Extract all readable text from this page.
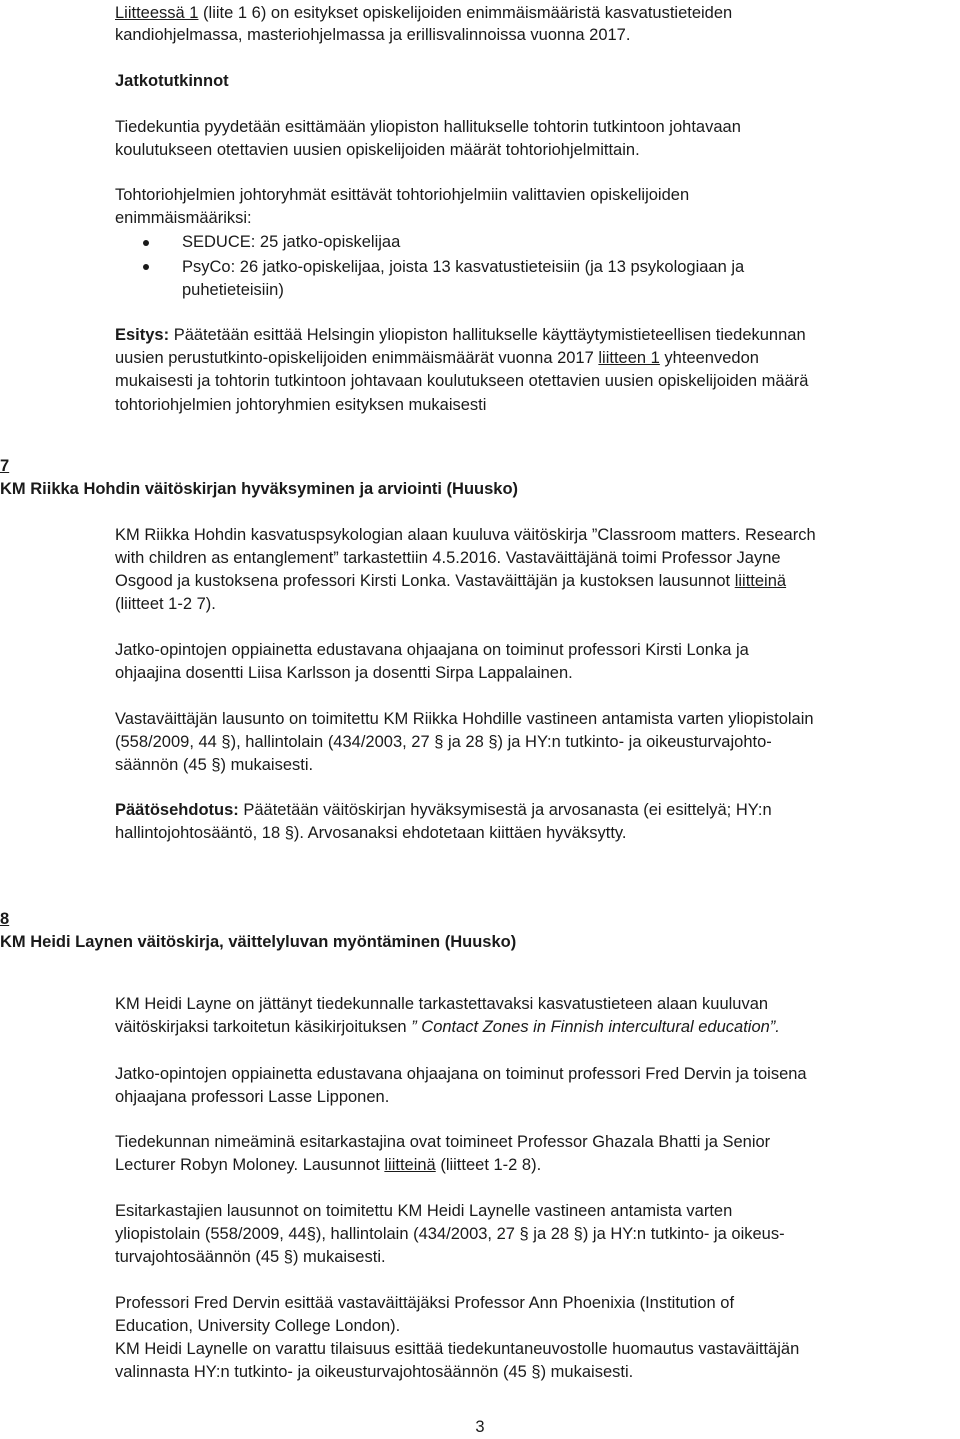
Liitteessä 1 (liite 1 6) on esitykset opiskelijoiden enimmäismääristä kasvatustieteiden
kandiohjelmassa, masteriohjelmassa ja erillisvalinnoissa vuonna 2017.
Jatkotutkinnot
Tiedekuntia pyydetään esittämään yliopiston hallitukselle tohtorin tutkintoon johtavaan
koulutukseen otettavien uusien opiskelijoiden määrät tohtoriohjelmittain.
Tohtoriohjelmien johtoryhmät esittävät tohtoriohjelmiin valittavien opiskelijoiden
enimmäismääriksi:
SEDUCE: 25 jatko-opiskelijaa
PsyCo: 26 jatko-opiskelijaa, joista 13 kasvatustieteisiin (ja 13 psykologiaan ja
puhetieteisiin)
Esitys: Päätetään esittää Helsingin yliopiston hallitukselle käyttäytymistieteellisen tiedekunnan
uusien perustutkinto-opiskelijoiden enimmäismäärät vuonna 2017 liitteen 1 yhteenvedon
mukaisesti ja tohtorin tutkintoon johtavaan koulutukseen otettavien uusien opiskelijoiden määrä
tohtoriohjelmien johtoryhmien esityksen mukaisesti
7
KM Riikka Hohdin väitöskirjan hyväksyminen ja arviointi (Huusko)
KM Riikka Hohdin kasvatuspsykologian alaan kuuluva väitöskirja ”Classroom matters. Research
with children as entanglement” tarkastettiin 4.5.2016. Vastaväittäjänä toimi Professor Jayne
Osgood ja kustoksena professori Kirsti Lonka. Vastaväittäjän ja kustoksen lausunnot liitteinä
(liitteet 1-2 7).
Jatko-opintojen oppiainetta edustavana ohjaajana on toiminut professori Kirsti Lonka ja
ohjaajina dosentti Liisa Karlsson ja dosentti Sirpa Lappalainen.
Vastaväittäjän lausunto on toimitettu KM Riikka Hohdille vastineen antamista varten yliopistolain
(558/2009, 44 §), hallintolain (434/2003, 27 § ja 28 §) ja HY:n tutkinto- ja oikeusturvajohto-
säännön (45 §) mukaisesti.
Päätösehdotus: Päätetään väitöskirjan hyväksymisestä ja arvosanasta (ei esittelyä; HY:n
hallintojohtosääntö, 18 §). Arvosanaksi ehdotetaan kiittäen hyväksytty.
8
KM Heidi Laynen väitöskirja, väittelyluvan myöntäminen (Huusko)
KM Heidi Layne on jättänyt tiedekunnalle tarkastettavaksi kasvatustieteen alaan kuuluvan
väitöskirjaksi tarkoitetun käsikirjoituksen ” Contact Zones in Finnish intercultural education”.
Jatko-opintojen oppiainetta edustavana ohjaajana on toiminut professori Fred Dervin ja toisena
ohjaajana professori Lasse Lipponen.
Tiedekunnan nimeäminä esitarkastajina ovat toimineet Professor Ghazala Bhatti ja Senior
Lecturer Robyn Moloney. Lausunnot liitteinä (liitteet 1-2 8).
Esitarkastajien lausunnot on toimitettu KM Heidi Laynelle vastineen antamista varten
yliopistolain (558/2009, 44§), hallintolain (434/2003, 27 § ja 28 §) ja HY:n tutkinto- ja oikeus-
turvajohtosäännön (45 §) mukaisesti.
Professori Fred Dervin esittää vastaväittäjäksi Professor Ann Phoenixia (Institution of
Education, University College London).
KM Heidi Laynelle on varattu tilaisuus esittää tiedekuntaneuvostolle huomautus vastaväittäjän
valinnasta HY:n tutkinto- ja oikeusturvajohtosäännön (45 §) mukaisesti.
3
